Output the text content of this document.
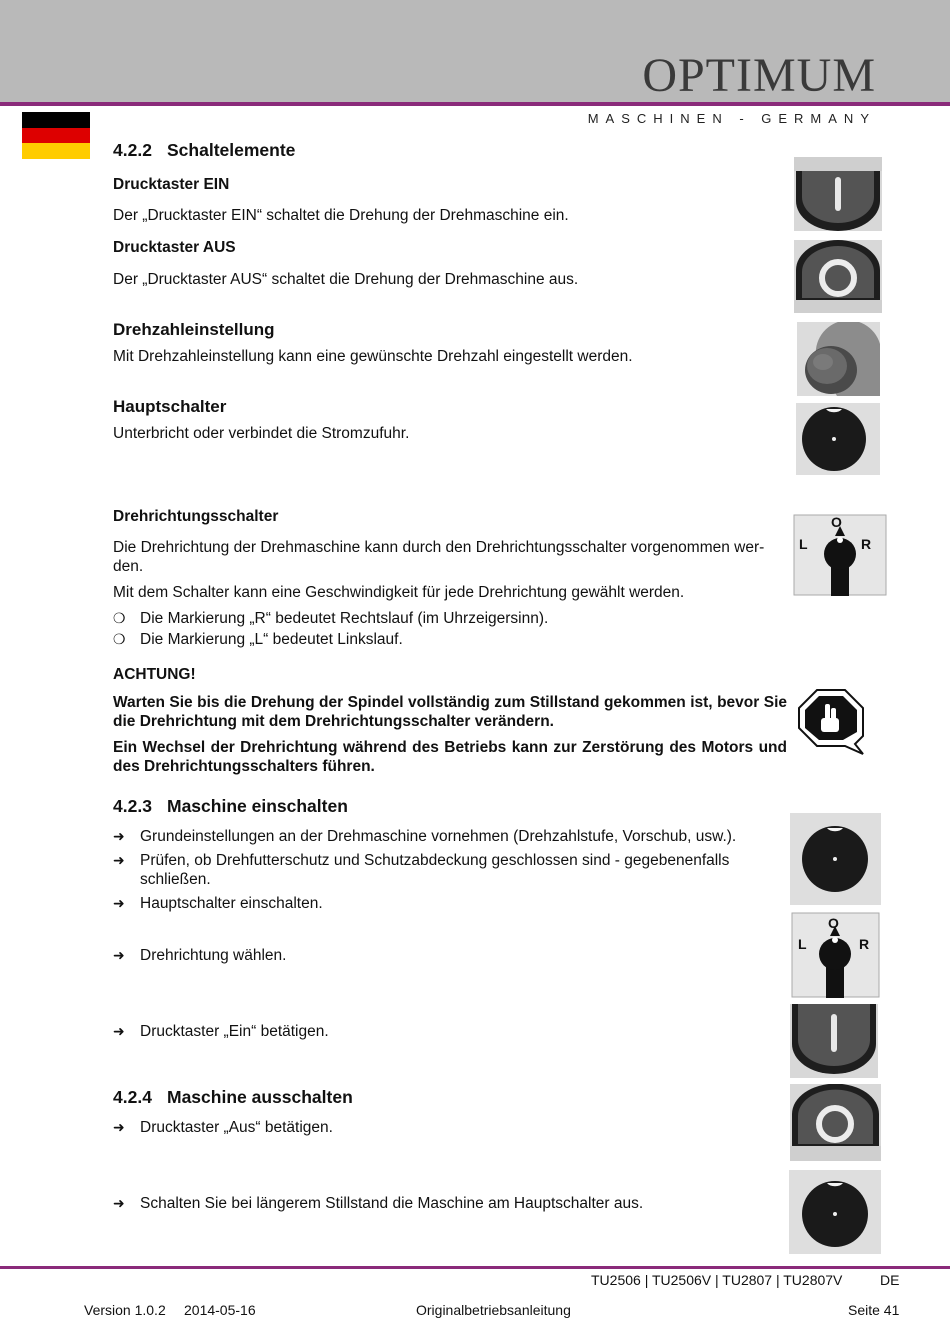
OPTIMUM
MASCHINEN - GERMANY
4.2.2 Schaltelemente
Drucktaster EIN
Der „Drucktaster EIN“ schaltet die Drehung der Drehmaschine ein.
Drucktaster AUS
Der „Drucktaster AUS“ schaltet die Drehung der Drehmaschine aus.
Drehzahleinstellung
Mit Drehzahleinstellung kann eine gewünschte Drehzahl eingestellt werden.
Hauptschalter
Unterbricht oder verbindet die Stromzufuhr.
Drehrichtungsschalter
Die Drehrichtung der Drehmaschine kann durch den Drehrichtungsschalter vorgenommen wer-den.
Mit dem Schalter kann eine Geschwindigkeit für jede Drehrichtung gewählt werden.
❍ Die Markierung „R“ bedeutet Rechtslauf (im Uhrzeigersinn).
❍ Die Markierung „L“ bedeutet Linkslauf.
ACHTUNG!
Warten Sie bis die Drehung der Spindel vollständig zum Stillstand gekommen ist, bevor Sie die Drehrichtung mit dem Drehrichtungsschalter verändern.
Ein Wechsel der Drehrichtung während des Betriebs kann zur Zerstörung des Motors und des Drehrichtungsschalters führen.
4.2.3 Maschine einschalten
➜ Grundeinstellungen an der Drehmaschine vornehmen (Drehzahlstufe, Vorschub, usw.).
➜ Prüfen, ob Drehfutterschutz und Schutzabdeckung geschlossen sind - gegebenenfalls schließen.
➜ Hauptschalter einschalten.
➜ Drehrichtung wählen.
➜ Drucktaster „Ein“ betätigen.
4.2.4 Maschine ausschalten
➜ Drucktaster „Aus“ betätigen.
➜ Schalten Sie bei längerem Stillstand die Maschine am Hauptschalter aus.
O
L	R
O
L	R
TU2506 | TU2506V | TU2807 | TU2807V	DE
Version 1.0.2 2014-05-16	Originalbetriebsanleitung	Seite 41
